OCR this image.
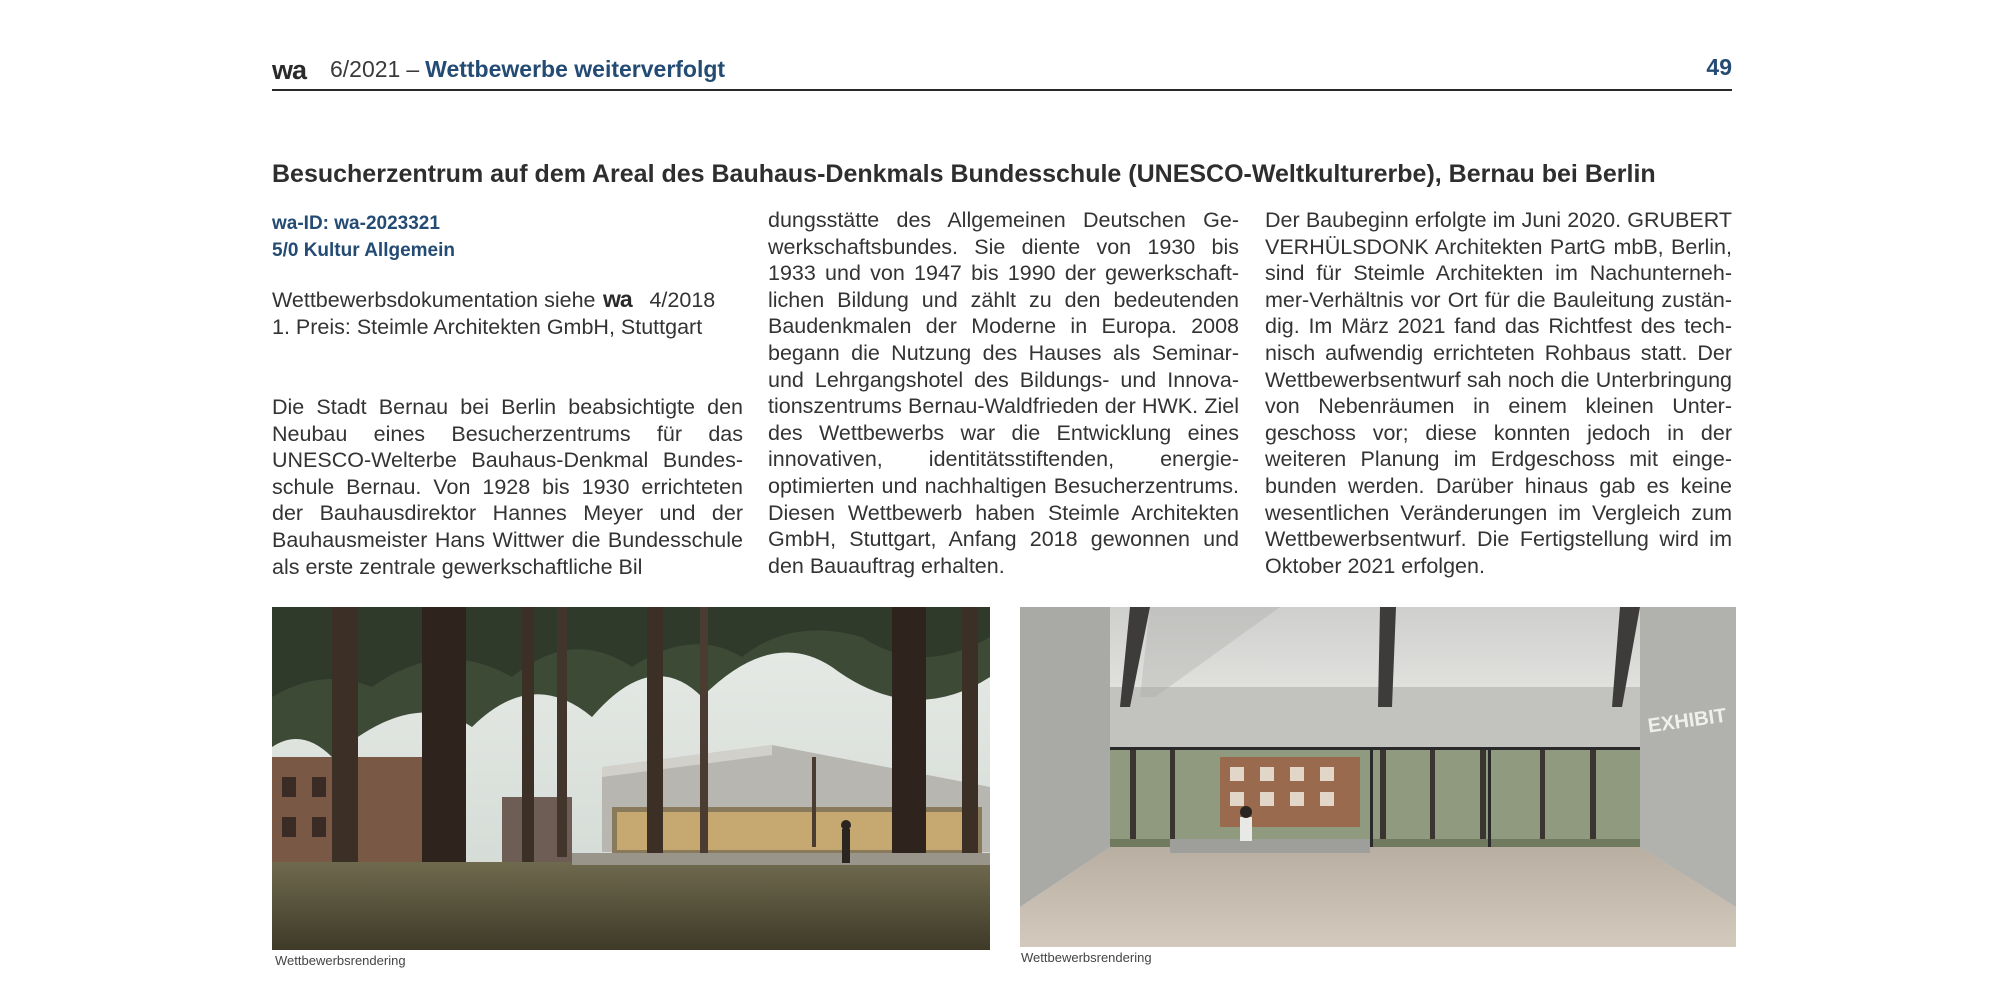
wa 6/2021 – Wettbewerbe weiterverfolgt	49
Besucherzentrum auf dem Areal des Bauhaus-Denkmals Bundesschule (UNESCO-Weltkulturerbe), Bernau bei Berlin
wa-ID: wa-2023321
5/0 Kultur Allgemein
Wettbewerbsdokumentation siehe wa 4/2018
1. Preis: Steimle Architekten GmbH, Stuttgart
Die Stadt Bernau bei Berlin beabsichtigte den Neubau eines Besucherzentrums für das UNESCO-Welterbe Bauhaus-Denkmal Bundesschule Bernau. Von 1928 bis 1930 errichteten der Bauhausdirektor Hannes Meyer und der Bauhausmeister Hans Wittwer die Bundesschule als erste zentrale gewerkschaftliche Bil
dungsstätte des Allgemeinen Deutschen Gewerkschaftsbundes. Sie diente von 1930 bis 1933 und von 1947 bis 1990 der gewerkschaftlichen Bildung und zählt zu den bedeutenden Baudenkmalen der Moderne in Europa. 2008 begann die Nutzung des Hauses als Seminar- und Lehrgangshotel des Bildungs- und Innovationszentrums Bernau-Waldfrieden der HWK. Ziel des Wettbewerbs war die Entwicklung eines innovativen, identitätsstiftenden, energieoptimierten und nachhaltigen Besucherzentrums. Diesen Wettbewerb haben Steimle Architekten GmbH, Stuttgart, Anfang 2018 gewonnen und den Bauauftrag erhalten.
Der Baubeginn erfolgte im Juni 2020. GRUBERT VERHÜLSDONK Architekten PartG mbB, Berlin, sind für Steimle Architekten im Nachunternehmer-Verhältnis vor Ort für die Bauleitung zuständig. Im März 2021 fand das Richtfest des technisch aufwendig errichteten Rohbaus statt. Der Wettbewerbsentwurf sah noch die Unterbringung von Nebenräumen in einem kleinen Untergeschoss vor; diese konnten jedoch in der weiteren Planung im Erdgeschoss mit eingebunden werden. Darüber hinaus gab es keine wesentlichen Veränderungen im Vergleich zum Wettbewerbsentwurf. Die Fertigstellung wird im Oktober 2021 erfolgen.
Wettbewerbsrendering
EXHIBIT
Wettbewerbsrendering
